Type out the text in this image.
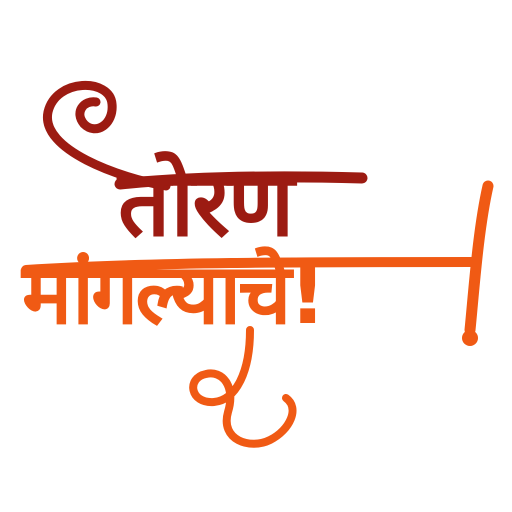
तोरण
मांगल्याचे!
